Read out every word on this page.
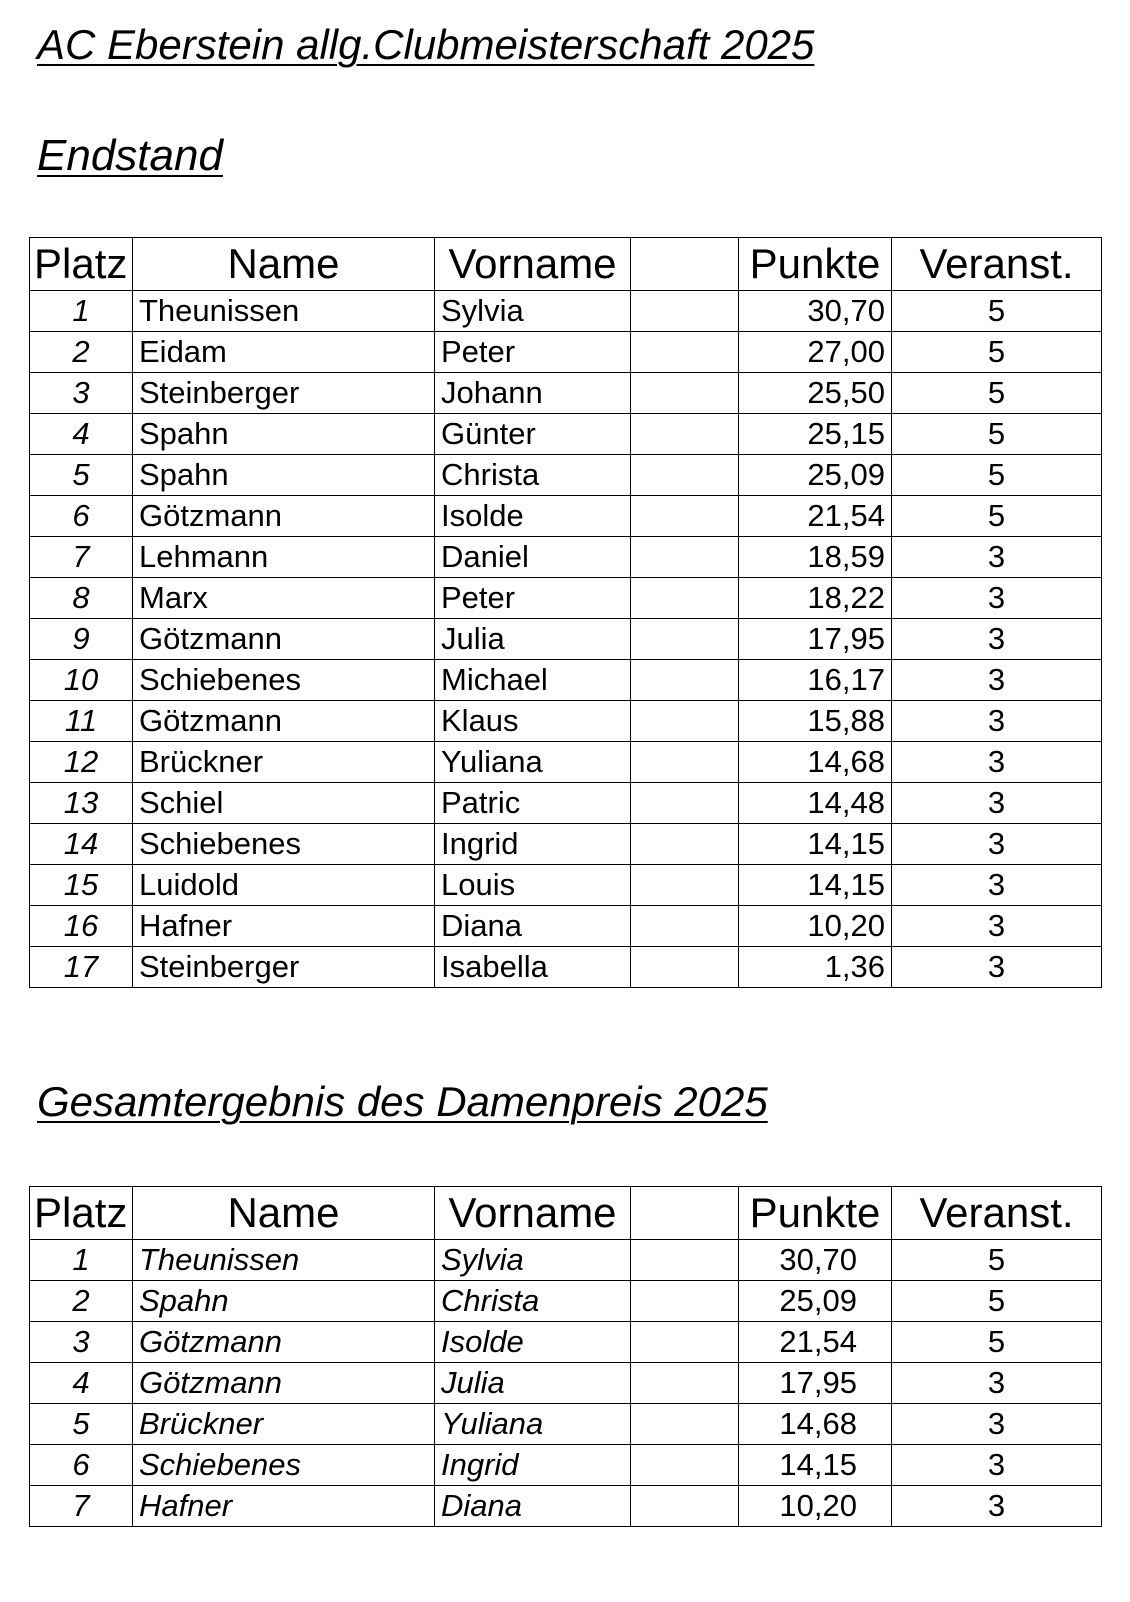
AC Eberstein allg.Clubmeisterschaft 2025
Endstand
Platz	Name	Vorname		Punkte	Veranst.
1	Theunissen	Sylvia		30,70	5
2	Eidam	Peter		27,00	5
3	Steinberger	Johann		25,50	5
4	Spahn	Günter		25,15	5
5	Spahn	Christa		25,09	5
6	Götzmann	Isolde		21,54	5
7	Lehmann	Daniel		18,59	3
8	Marx	Peter		18,22	3
9	Götzmann	Julia		17,95	3
10	Schiebenes	Michael		16,17	3
11	Götzmann	Klaus		15,88	3
12	Brückner	Yuliana		14,68	3
13	Schiel	Patric		14,48	3
14	Schiebenes	Ingrid		14,15	3
15	Luidold	Louis		14,15	3
16	Hafner	Diana		10,20	3
17	Steinberger	Isabella		1,36	3
Gesamtergebnis des Damenpreis 2025
Platz	Name	Vorname		Punkte	Veranst.
1	Theunissen	Sylvia		30,70	5
2	Spahn	Christa		25,09	5
3	Götzmann	Isolde		21,54	5
4	Götzmann	Julia		17,95	3
5	Brückner	Yuliana		14,68	3
6	Schiebenes	Ingrid		14,15	3
7	Hafner	Diana		10,20	3
